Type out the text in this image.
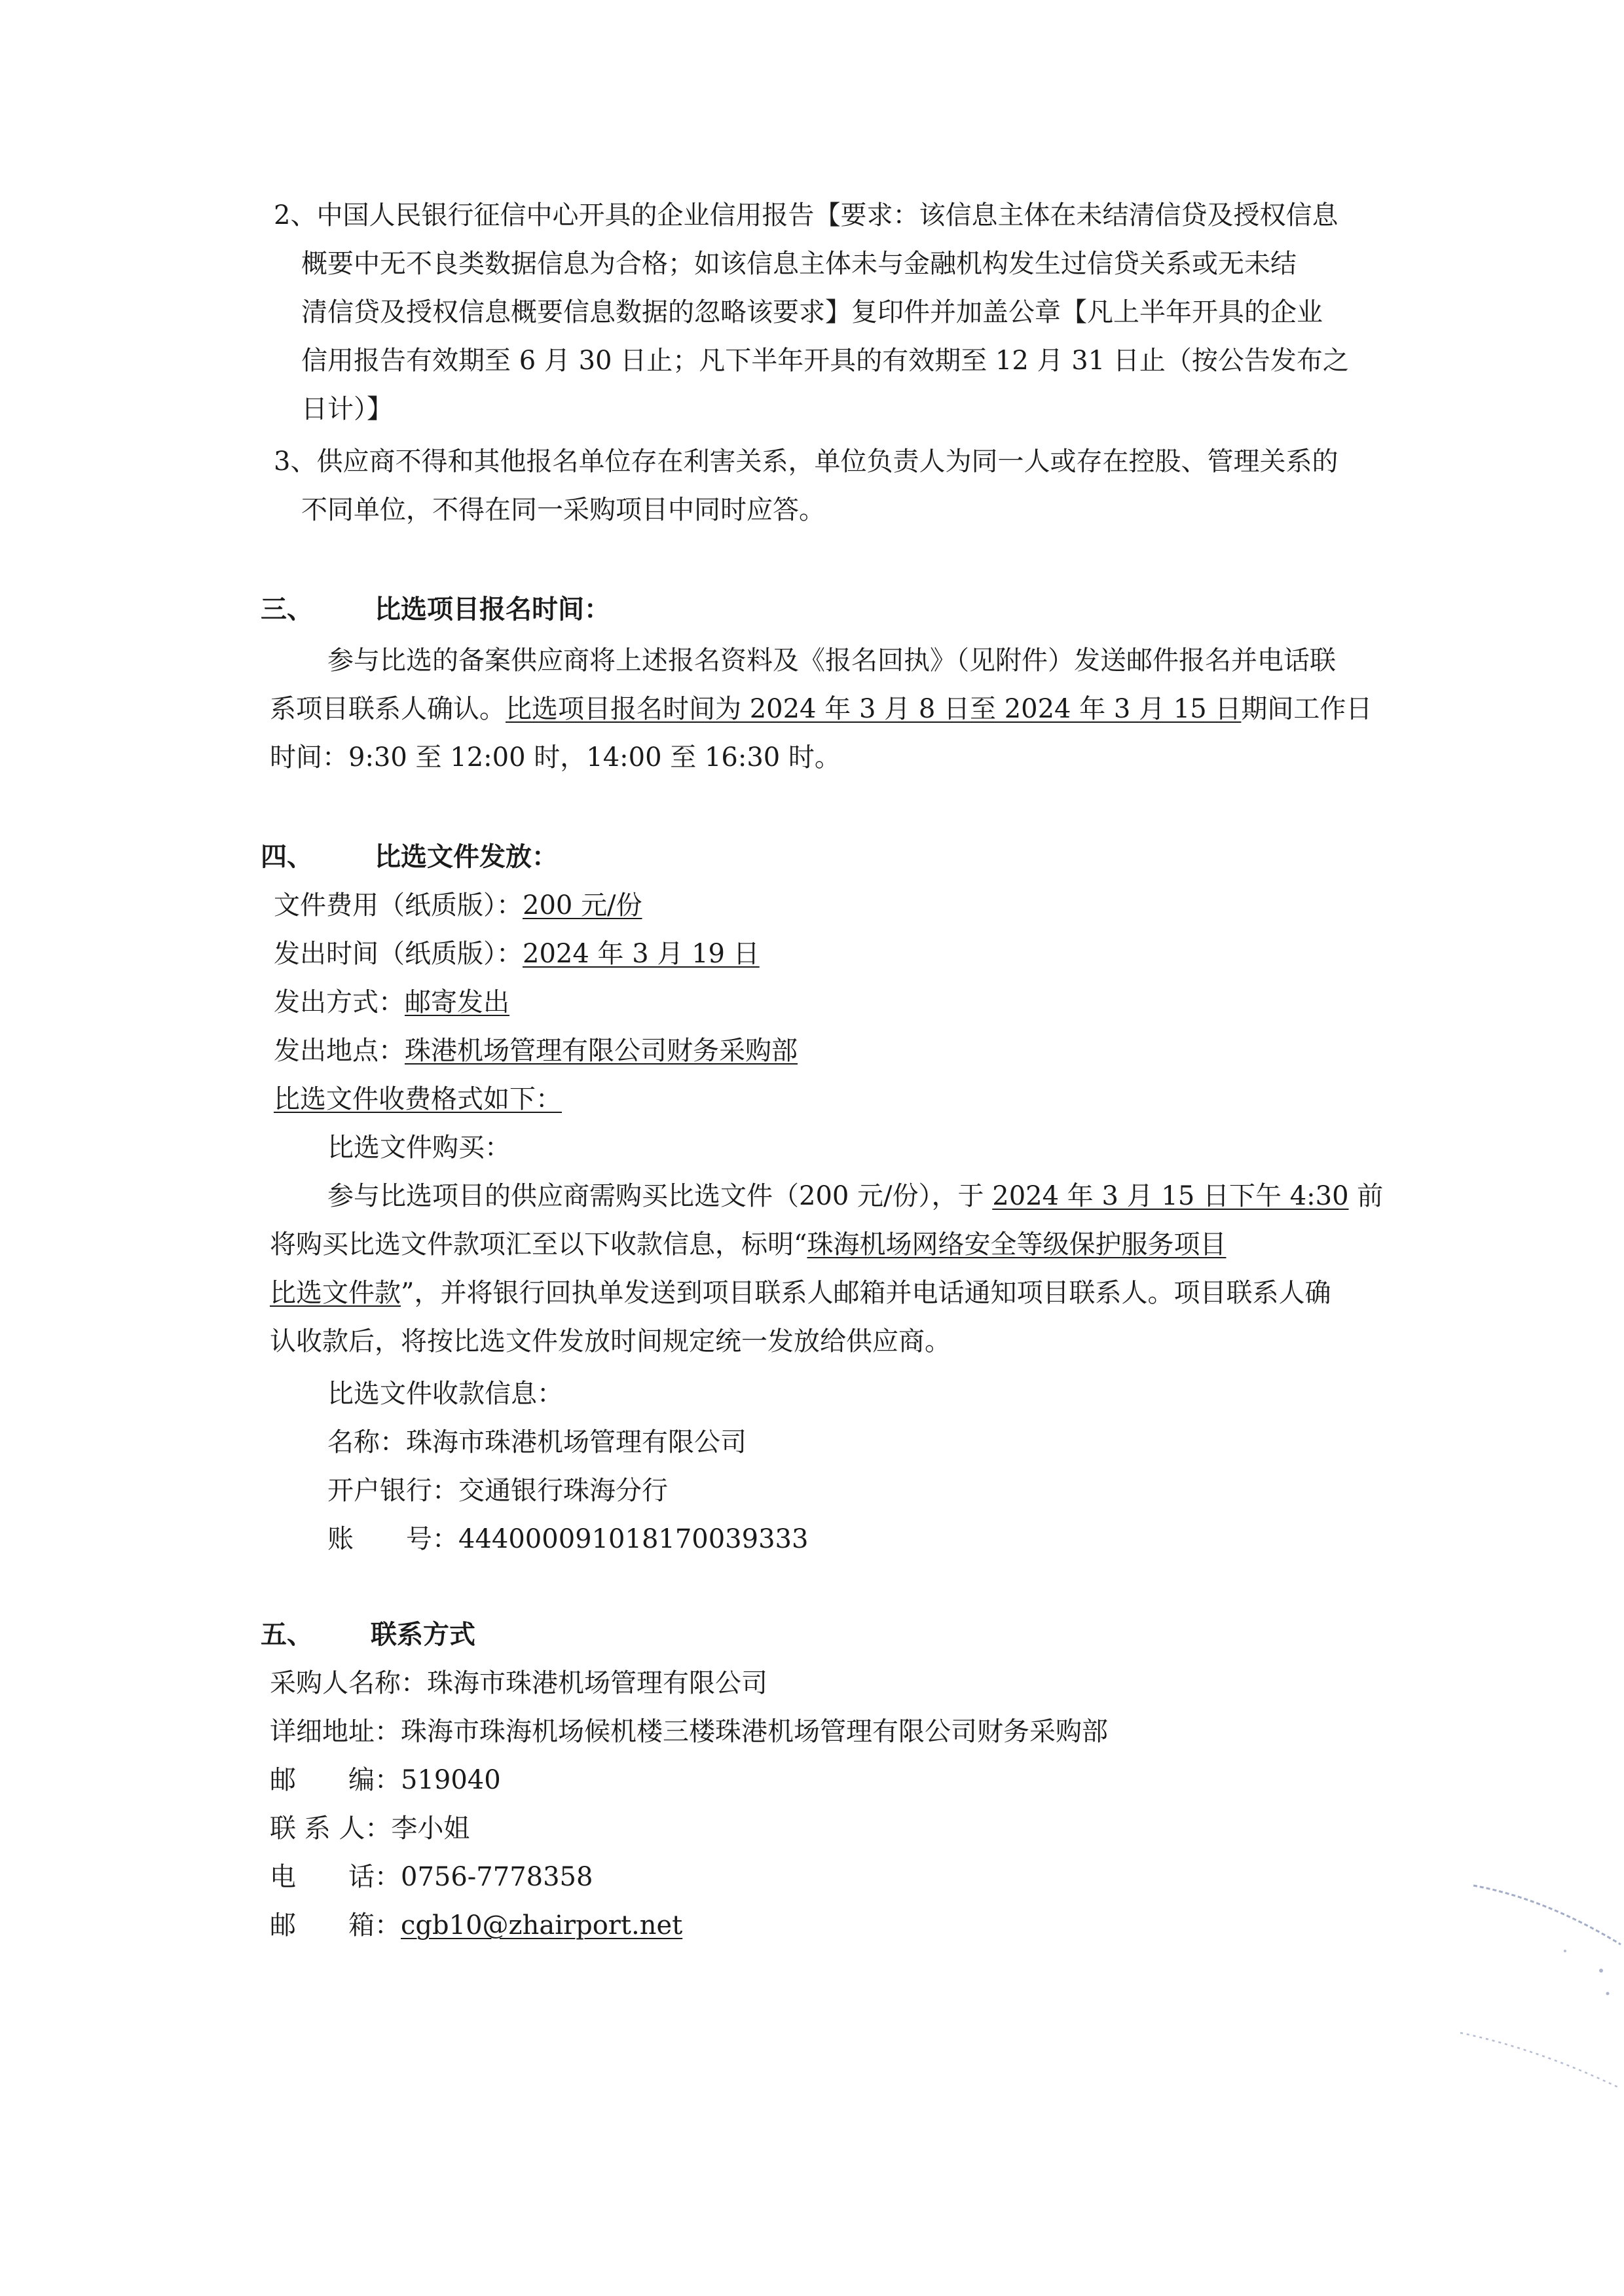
2、中国人民银行征信中心开具的企业信用报告【要求：该信息主体在未结清信贷及授权信息
概要中无不良类数据信息为合格；如该信息主体未与金融机构发生过信贷关系或无未结
清信贷及授权信息概要信息数据的忽略该要求】复印件并加盖公章【凡上半年开具的企业
信用报告有效期至 6 月 30 日止；凡下半年开具的有效期至 12 月 31 日止（按公告发布之
日计）】
3、供应商不得和其他报名单位存在利害关系，单位负责人为同一人或存在控股、管理关系的
不同单位，不得在同一采购项目中同时应答。
三、 比选项目报名时间：
参与比选的备案供应商将上述报名资料及《报名回执》（见附件）发送邮件报名并电话联
系项目联系人确认。比选项目报名时间为 2024 年 3 月 8 日至 2024 年 3 月 15 日期间工作日
时间：9:30 至 12:00 时，14:00 至 16:30 时。
四、 比选文件发放：
文件费用（纸质版）：200 元/份
发出时间（纸质版）：2024 年 3 月 19 日
发出方式：邮寄发出
发出地点：珠港机场管理有限公司财务采购部
比选文件收费格式如下：
比选文件购买：
参与比选项目的供应商需购买比选文件（200 元/份），于 2024 年 3 月 15 日下午 4:30 前
将购买比选文件款项汇至以下收款信息，标明“珠海机场网络安全等级保护服务项目
比选文件款”，并将银行回执单发送到项目联系人邮箱并电话通知项目联系人。项目联系人确
认收款后，将按比选文件发放时间规定统一发放给供应商。
比选文件收款信息：
名称：珠海市珠港机场管理有限公司
开户银行：交通银行珠海分行
账　　号：444000091018170039333
五、 联系方式
采购人名称：珠海市珠港机场管理有限公司
详细地址：珠海市珠海机场候机楼三楼珠港机场管理有限公司财务采购部
邮　　编：519040
联 系 人：李小姐
电　　话：0756-7778358
邮　　箱：cgb10@zhairport.net
